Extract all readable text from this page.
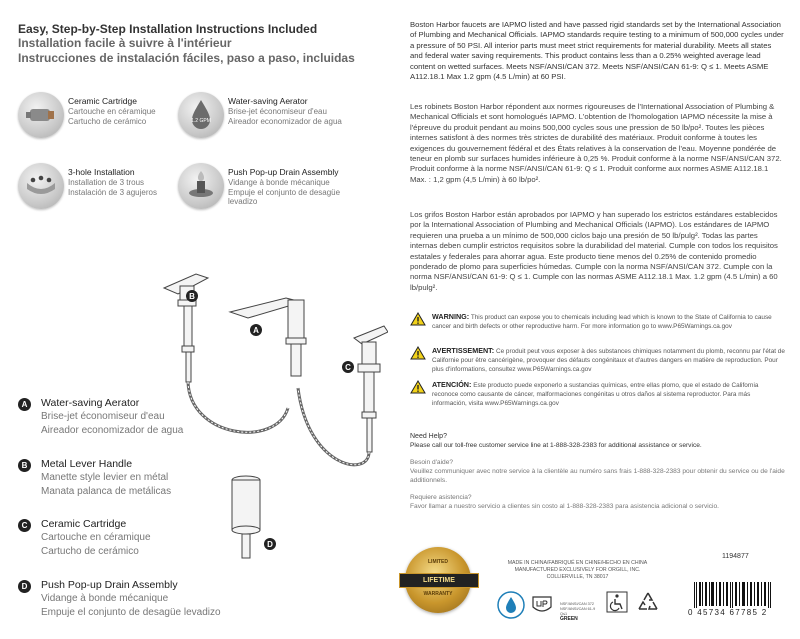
Easy, Step-by-Step Installation Instructions Included
Installation facile à suivre à l'intérieur
Instrucciones de instalación fáciles, paso a paso, incluidas
Ceramic Cartridge
Cartouche en céramique
Cartucho de cerámico	1.2 GPM
Water-saving Aerator
Brise-jet économiseur d'eau
Aireador economizador de agua
3-hole Installation
Installation de 3 trous
Instalación de 3 agujeros
Push Pop-up Drain Assembly
Vidange à bonde mécanique
Empuje el conjunto de desagüe levadizo
B
A
C
D
A	Water-saving Aerator
Brise-jet économiseur d'eau
Aireador economizador de agua
B	Metal Lever Handle
Manette style levier en métal
Manata palanca de metálicas
C	Ceramic Cartridge
Cartouche en céramique
Cartucho de cerámico
D	Push Pop-up Drain Assembly
Vidange à bonde mécanique
Empuje el conjunto de desagüe levadizo
Boston Harbor faucets are IAPMO listed and have passed rigid standards set by the International Association of Plumbing and Mechanical Officials. IAPMO standards require testing to a minimum of 500,000 cycles under a pressure of 50 PSI. All interior parts must meet strict requirements for material durability. Meets all states and federal water saving requirements. This product contains less than a 0.25% weighted average lead content on wetted surfaces. Meets NSF/ANSI/CAN 372. Meets NSF/ANSI/CAN 61-9: Q ≤ 1. Meets ASME A112.18.1 Max 1.2 gpm (4.5 L/min) at 60 PSI.
Les robinets Boston Harbor répondent aux normes rigoureuses de l'International Association of Plumbing & Mechanical Officials et sont homologués IAPMO. L'obtention de l'homologation IAPMO nécessite la mise à l'épreuve du produit pendant au moins 500,000 cycles sous une pression de 50 lb/po². Toutes les pièces internes satisfont à des normes très strictes de durabilité des matériaux. Produit conforme à toutes les exigences du gouvernement fédéral et des États relatives à la conservation de l'eau. Moyenne pondérée de teneur en plomb sur surfaces humides inférieure à 0,25 %. Produit conforme à la norme NSF/ANSI/CAN 372. Produit conforme à la norme NSF/ANSI/CAN 61-9: Q ≤ 1. Produit conforme aux normes ASME A112.18.1 Max. : 1,2 gpm (4,5 L/min) à 60 lb/po².
Los grifos Boston Harbor están aprobados por IAPMO y han superado los estrictos estándares establecidos por la International Association of Plumbing and Mechanical Officials (IAPMO). Los estándares de IAPMO requieren una prueba a un mínimo de 500,000 ciclos bajo una presión de 50 lb/pulg². Todas las partes internas deben cumplir estrictos requisitos sobre la durabilidad del material. Cumple con todos los requisitos estatales y federales para ahorrar agua. Este producto tiene menos del 0.25% de contenido promedio ponderado de plomo para superficies húmedas. Cumple con la norma NSF/ANSI/CAN 372. Cumple con la norma NSF/ANSI/CAN 61-9: Q ≤ 1. Cumple con las normas ASME A112.18.1 Max. 1.2 gpm (4.5 L/min) a 60 lb/pulg².
WARNING: This product can expose you to chemicals including lead which is known to the State of California to cause cancer and birth defects or other reproductive harm. For more information go to www.P65Warnings.ca.gov
AVERTISSEMENT: Ce produit peut vous exposer à des substances chimiques notamment du plomb, reconnu par l'état de Californie pour être cancérigène, provoquer des défauts congénitaux et d'autres dangers en matière de reproduction. Pour plus d'informations, consultez www.P65Warnings.ca.gov
ATENCIÓN: Este producto puede exponerlo a sustancias químicas, entre ellas plomo, que el estado de California reconoce como causante de cáncer, malformaciones congénitas u otros daños al sistema reproductor. Para más información, visita www.P65Warnings.ca.gov
Need Help?
Please call our toll-free customer service line at 1-888-328-2383 for additional assistance or service.
Besoin d'aide?
Veuillez communiquer avec notre service à la clientèle au numéro sans frais 1-888-328-2383 pour obtenir du service ou de l'aide additionnels.
Requiere asistencia?
Favor llamar a nuestro servicio a clientes sin costo al 1-888-328-2383 para asistencia adicional o servicio.
LIMITED
LIFETIME
WARRANTY
MADE IN CHINA/FABRIQUÉ EN CHINE/HECHO EN CHINA
MANUFACTURED EXCLUSIVELY FOR ORGILL, INC.
COLLIERVILLE, TN 38017
NSF/ANSI/CAN 372 NSF/ANSI/CAN 61-9 Q≤1
GREEN
1194877
0 45734 67785 2
